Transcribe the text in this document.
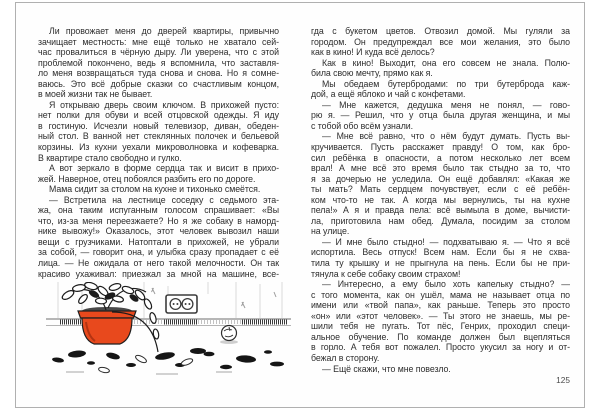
Ли провожает меня до дверей квартиры, привычно
зачищает местность: мне ещё только не хватало сей-
час провалиться в чёрную дыру. Ли уверена, что с этой
проблемой покончено, ведь я вспомнила, что заставля-
ло меня возвращаться туда снова и снова. Но я сомне-
ваюсь. Это всё добрые сказки со счастливым концом,
в моей жизни так не бывает.
Я открываю дверь своим ключом. В прихожей пусто:
нет полки для обуви и всей отцовской одежды. Я иду
в гостиную. Исчезли новый телевизор, диван, обеден-
ный стол. В ванной нет стеклянных полочек и бельевой
корзины. Из кухни уехали микроволновка и кофеварка.
В квартире стало свободно и гулко.
А вот зеркало в форме сердца так и висит в прихо-
жей. Наверное, отец побоялся разбить его по дороге.
Мама сидит за столом на кухне и тихонько смеётся.
— Встретила на лестнице соседку с седьмого эта-
жа, она таким испуганным голосом спрашивает: «Вы
что, из-за меня переезжаете? Но я же собаку в наморд-
нике вывожу!» Оказалось, этот человек вывозил наши
вещи с грузчиками. Натоптали в прихожей, не убрали
за собой, — говорит она, и улыбка сразу пропадает с её
лица. — Не ожидала от него такой мелочности. Он так
красиво ухаживал: приезжал за мной на машине, все-
гда с букетом цветов. Отвозил домой. Мы гуляли за
городом. Он предупреждал все мои желания, это было
как в кино! И куда всё делось?
Как в кино! Выходит, она его совсем не знала. Полю-
била свою мечту, прямо как я.
Мы обедаем бутербродами: по три бутерброда каж-
дой, а ещё яблоко и чай с конфетами.
— Мне кажется, дедушка меня не понял, — гово-
рю я. — Решил, что у отца была другая женщина, и мы
с тобой обо всём узнали.
— Мне всё равно, что о нём будут думать. Пусть вы-
кручивается. Пусть расскажет правду! О том, как бро-
сил ребёнка в опасности, а потом несколько лет всем
врал! А мне всё это время было так стыдно за то, что
я за дочерью не уследила. Он ещё добавлял: «Какая же
ты мать? Мать сердцем почувствует, если с её ребён-
ком что-то не так. А когда мы вернулись, ты на кухне
пела!» А я и правда пела: всё вымыла в доме, вычисти-
ла, приготовила нам обед. Думала, посидим за столом
на улице.
— И мне было стыдно! — подхватываю я. — Что я всё
испортила. Весь отпуск! Всем нам. Если бы я не схва-
тила ту крышку и не прыгнула на пень. Если бы не при-
тянула к себе собаку своим страхом!
— Интересно, а ему было хоть капельку стыдно? —
с того момента, как он ушёл, мама не называет отца по
имени или «твой папа», как раньше. Теперь это просто
«он» или «этот человек». — Ты этого не знаешь, мы ре-
шили тебя не пугать. Тот пёс, Генрих, проходил специ-
альное обучение. По команде должен был вцепляться
в горло. А тебя вот пожалел. Просто укусил за ногу и от-
бежал в сторону.
— Ещё скажи, что мне повезло.
125
